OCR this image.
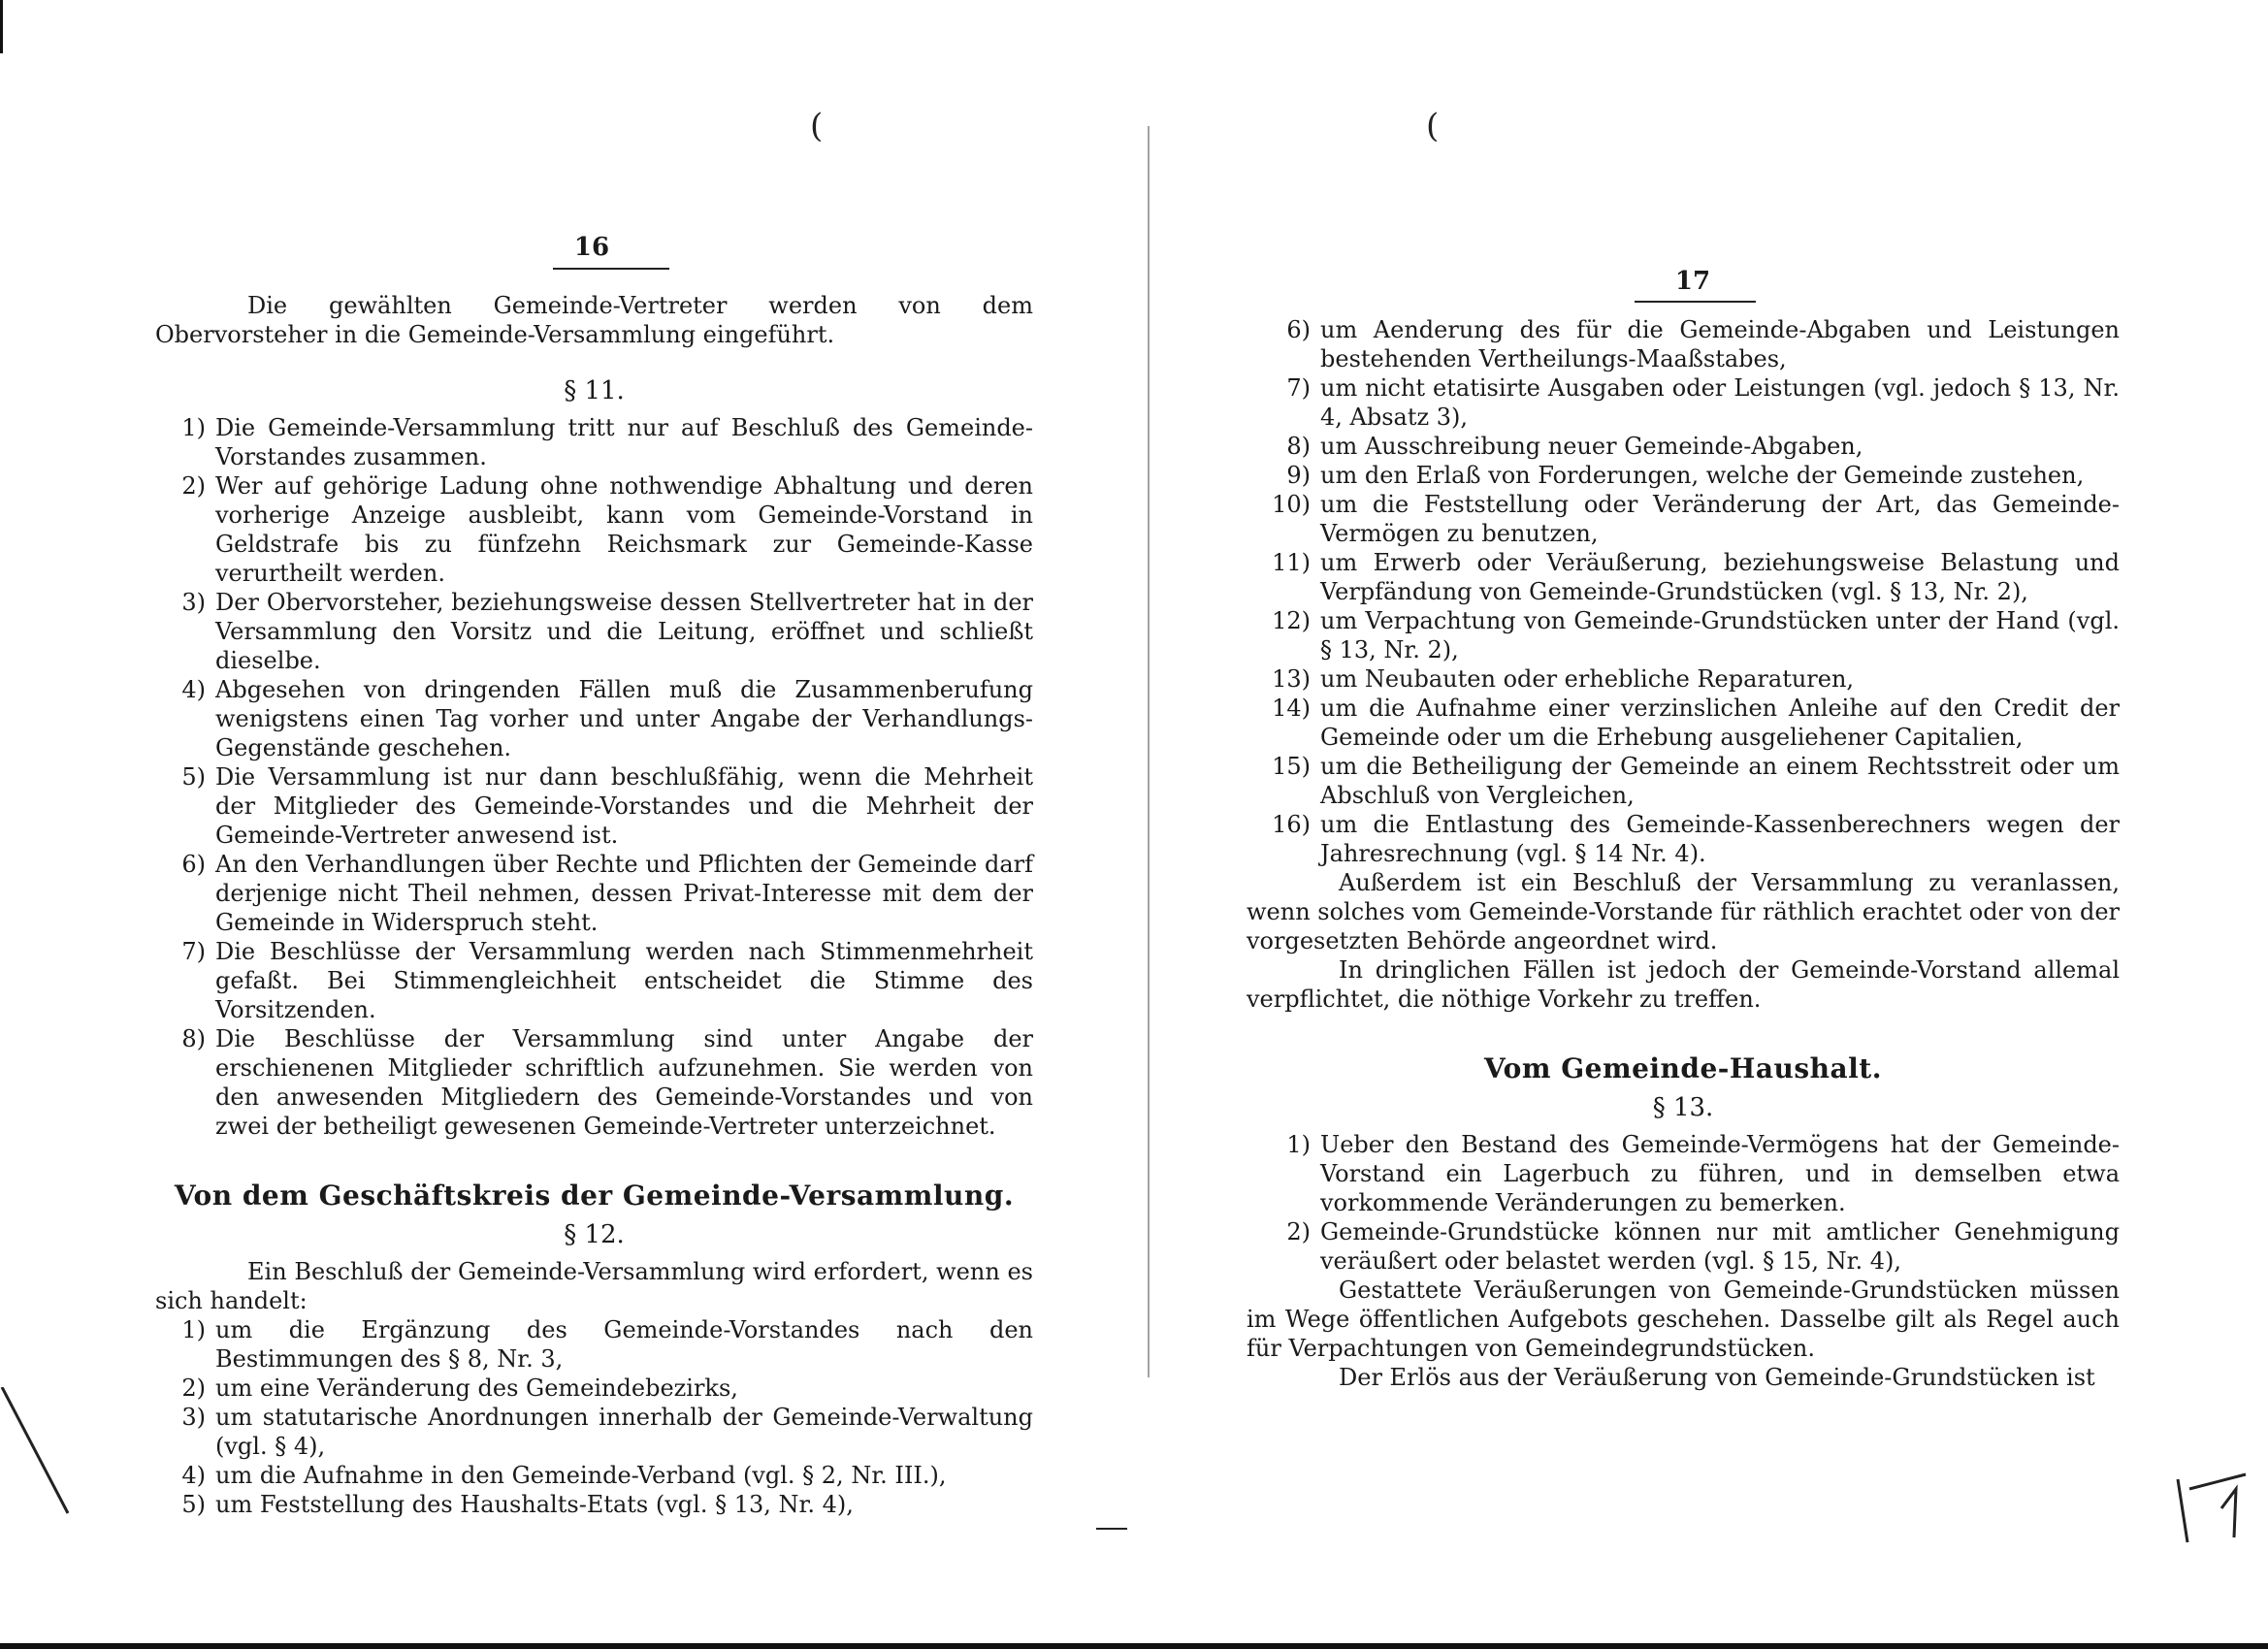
(
16

Die gewählten Gemeinde-Vertreter werden von dem Obervorsteher in die Gemeinde-Versammlung eingeführt.

§ 11.
1) Die Gemeinde-Versammlung tritt nur auf Beschluß des Gemeinde-Vorstandes zusammen.
2) Wer auf gehörige Ladung ohne nothwendige Abhaltung und deren vorherige Anzeige ausbleibt, kann vom Gemeinde-Vorstand in Geldstrafe bis zu fünfzehn Reichsmark zur Gemeinde-Kasse verurtheilt werden.
3) Der Obervorsteher, beziehungsweise dessen Stellvertreter hat in der Versammlung den Vorsitz und die Leitung, eröffnet und schließt dieselbe.
4) Abgesehen von dringenden Fällen muß die Zusammenberufung wenigstens einen Tag vorher und unter Angabe der Verhandlungs-Gegenstände geschehen.
5) Die Versammlung ist nur dann beschlußfähig, wenn die Mehrheit der Mitglieder des Gemeinde-Vorstandes und die Mehrheit der Gemeinde-Vertreter anwesend ist.
6) An den Verhandlungen über Rechte und Pflichten der Gemeinde darf derjenige nicht Theil nehmen, dessen Privat-Interesse mit dem der Gemeinde in Widerspruch steht.
7) Die Beschlüsse der Versammlung werden nach Stimmenmehrheit gefaßt. Bei Stimmengleichheit entscheidet die Stimme des Vorsitzenden.
8) Die Beschlüsse der Versammlung sind unter Angabe der erschienenen Mitglieder schriftlich aufzunehmen. Sie werden von den anwesenden Mitgliedern des Gemeinde-Vorstandes und von zwei der betheiligt gewesenen Gemeinde-Vertreter unterzeichnet.
Von dem Geschäftskreis der Gemeinde-Versammlung.
§ 12.

Ein Beschluß der Gemeinde-Versammlung wird erfordert, wenn es sich handelt:

1) um die Ergänzung des Gemeinde-Vorstandes nach den Bestimmungen des § 8, Nr. 3,
2) um eine Veränderung des Gemeindebezirks,
3) um statutarische Anordnungen innerhalb der Gemeinde-Verwaltung (vgl. § 4),
4) um die Aufnahme in den Gemeinde-Verband (vgl. § 2, Nr. III.),
5) um Feststellung des Haushalts-Etats (vgl. § 13, Nr. 4),
(
17
6) um Aenderung des für die Gemeinde-Abgaben und Leistungen bestehenden Vertheilungs-Maaßstabes,
7) um nicht etatisirte Ausgaben oder Leistungen (vgl. jedoch § 13, Nr. 4, Absatz 3),
8) um Ausschreibung neuer Gemeinde-Abgaben,
9) um den Erlaß von Forderungen, welche der Gemeinde zustehen,
10) um die Feststellung oder Veränderung der Art, das Gemeinde-Vermögen zu benutzen,
11) um Erwerb oder Veräußerung, beziehungsweise Belastung und Verpfändung von Gemeinde-Grundstücken (vgl. § 13, Nr. 2),
12) um Verpachtung von Gemeinde-Grundstücken unter der Hand (vgl. § 13, Nr. 2),
13) um Neubauten oder erhebliche Reparaturen,
14) um die Aufnahme einer verzinslichen Anleihe auf den Credit der Gemeinde oder um die Erhebung ausgeliehener Capitalien,
15) um die Betheiligung der Gemeinde an einem Rechtsstreit oder um Abschluß von Vergleichen,
16) um die Entlastung des Gemeinde-Kassenberechners wegen der Jahresrechnung (vgl. § 14 Nr. 4).

Außerdem ist ein Beschluß der Versammlung zu veranlassen, wenn solches vom Gemeinde-Vorstande für räthlich erachtet oder von der vorgesetzten Behörde angeordnet wird.

In dringlichen Fällen ist jedoch der Gemeinde-Vorstand allemal verpflichtet, die nöthige Vorkehr zu treffen.

Vom Gemeinde-Haushalt.
§ 13.
1) Ueber den Bestand des Gemeinde-Vermögens hat der Gemeinde-Vorstand ein Lagerbuch zu führen, und in demselben etwa vorkommende Veränderungen zu bemerken.
2) Gemeinde-Grundstücke können nur mit amtlicher Genehmigung veräußert oder belastet werden (vgl. § 15, Nr. 4),

Gestattete Veräußerungen von Gemeinde-Grundstücken müssen im Wege öffentlichen Aufgebots geschehen. Dasselbe gilt als Regel auch für Verpachtungen von Gemeindegrundstücken.

Der Erlös aus der Veräußerung von Gemeinde-Grundstücken ist
